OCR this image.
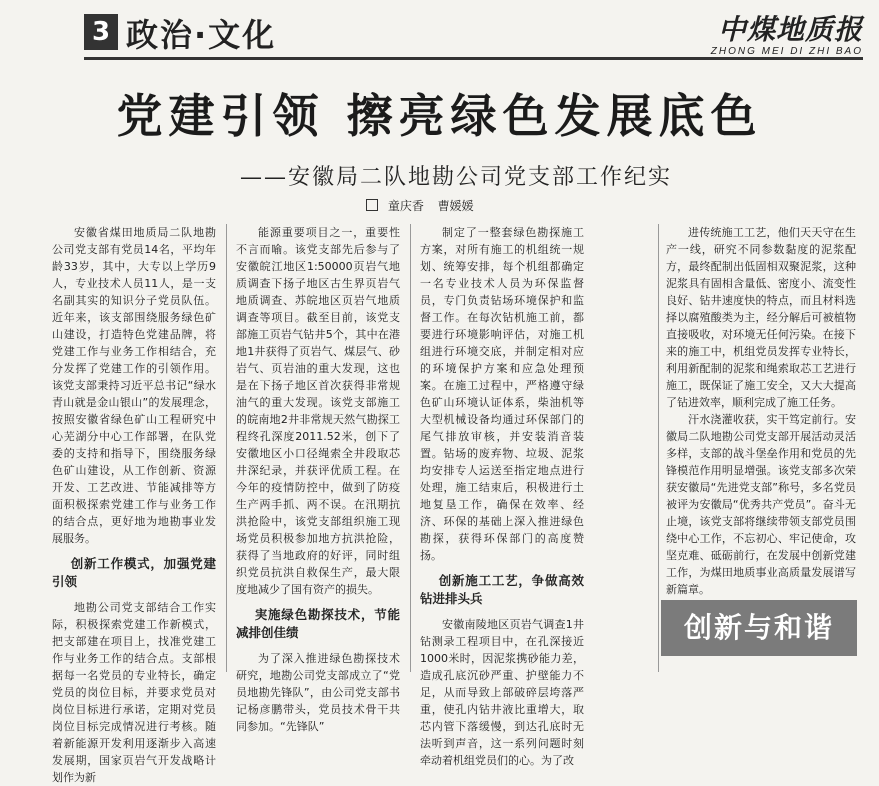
3 政治·文化	中煤地质报
ZHONG MEI DI ZHI BAO
党建引领 擦亮绿色发展底色
——安徽局二队地勘公司党支部工作纪实
童庆香 曹媛媛

安徽省煤田地质局二队地勘公司党支部有党员14名，平均年龄33岁，其中，大专以上学历9人，专业技术人员11人，是一支名副其实的知识分子党员队伍。近年来，该支部围绕服务绿色矿山建设，打造特色党建品牌，将党建工作与业务工作相结合，充分发挥了党建工作的引领作用。该党支部秉持习近平总书记“绿水青山就是金山银山”的发展理念，按照安徽省绿色矿山工程研究中心芜湖分中心工作部署，在队党委的支持和指导下，围绕服务绿色矿山建设，从工作创新、资源开发、工艺改进、节能减排等方面积极探索党建工作与业务工作的结合点，更好地为地勘事业发展服务。

创新工作模式，加强党建引领

地勘公司党支部结合工作实际，积极探索党建工作新模式，把支部建在项目上，找准党建工作与业务工作的结合点。支部根据每一名党员的专业特长，确定党员的岗位目标，并要求党员对岗位目标进行承诺，定期对党员岗位目标完成情况进行考核。随着新能源开发利用逐渐步入高速发展期，国家页岩气开发战略计划作为新

能源重要项目之一，重要性不言而喻。该党支部先后参与了安徽皖江地区1:50000页岩气地质调查下扬子地区古生界页岩气地质调查、苏皖地区页岩气地质调查等项目。截至目前，该党支部施工页岩气钻井5个，其中在港地1井获得了页岩气、煤层气、砂岩气、页岩油的重大发现，这也是在下扬子地区首次获得非常规油气的重大发现。该党支部施工的皖南地2井非常规天然气勘探工程终孔深度2011.52米，创下了安徽地区小口径绳索全井段取芯井深纪录，并获评优质工程。在今年的疫情防控中，做到了防疫生产两手抓、两不误。在汛期抗洪抢险中，该党支部组织施工现场党员积极参加地方抗洪抢险，获得了当地政府的好评，同时组织党员抗洪自救保生产，最大限度地减少了国有资产的损失。

実施绿色勘探技术，节能减排创佳绩

为了深入推进绿色勘探技术研究，地勘公司党支部成立了“党员地勘先锋队”，由公司党支部书记杨彦鹏带头，党员技术骨干共同参加。“先锋队”

制定了一整套绿色勘探施工方案，对所有施工的机组统一规划、统筹安排，每个机组都确定一名专业技术人员为环保监督员，专门负责钻场环境保护和监督工作。在每次钻机施工前，都要进行环境影响评估，对施工机组进行环境交底，并制定相对应的环境保护方案和应急处理预案。在施工过程中，严格遵守绿色矿山环境认证体系，柴油机等大型机械设备均通过环保部门的尾气排放审核，并安装消音装置。钻场的废弃物、垃圾、泥浆均安排专人运送至指定地点进行处理，施工结束后，积极进行土地复垦工作，确保在效率、经济、环保的基础上深入推进绿色勘探，获得环保部门的高度赞扬。

创新施工工艺，争做高效钻进排头兵

安徽南陵地区页岩气调查1井钻测录工程项目中，在孔深接近1000米时，因泥浆携砂能力差，造成孔底沉砂严重、护壁能力不足，从而导致上部破碎层垮落严重，使孔内钻井液比重增大，取芯内管下落缓慢，到达孔底时无法听到声音，这一系列问题时刻牵动着机组党员们的心。为了改

进传统施工工艺，他们天天守在生产一线，研究不同参数黏度的泥浆配方，最终配制出低固相双聚泥浆，这种泥浆具有固相含量低、密度小、流变性良好、钻井速度快的特点，而且材料选择以腐殖酸类为主，经分解后可被植物直接吸收，对环境无任何污染。在接下来的施工中，机组党员发挥专业特长，利用新配制的泥浆和绳索取芯工艺进行施工，既保证了施工安全，又大大提高了钻进效率，顺利完成了施工任务。

汗水浇灌收获，实干笃定前行。安徽局二队地勘公司党支部开展活动灵活多样，支部的战斗堡垒作用和党员的先锋模范作用明显增强。该党支部多次荣获安徽局“先进党支部”称号，多名党员被评为安徽局“优秀共产党员”。奋斗无止境，该党支部将继续带领支部党员围绕中心工作，不忘初心、牢记使命，攻坚克难、砥砺前行，在发展中创新党建工作，为煤田地质事业高质量发展谱写新篇章。

创新与和谐
